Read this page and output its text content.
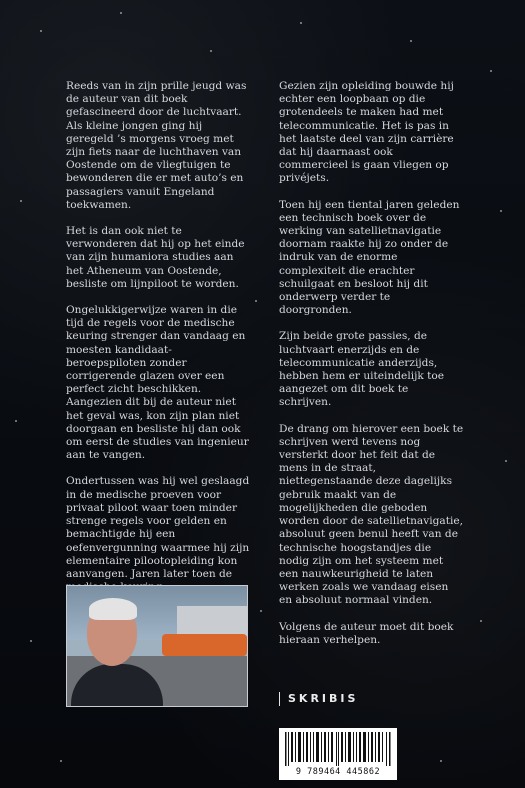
Reeds van in zijn prille jeugd was de auteur van dit boek gefascineerd door de luchtvaart. Als kleine jongen ging hij geregeld ’s morgens vroeg met zijn fiets naar de luchthaven van Oostende om de vliegtuigen te bewonderen die er met auto’s en passagiers vanuit Engeland toekwamen.

Het is dan ook niet te verwonderen dat hij op het einde van zijn humaniora studies aan het Atheneum van Oostende, besliste om lijnpiloot te worden.

Ongelukkigerwijze waren in die tijd de regels voor de medische keuring strenger dan vandaag en moesten kandidaat-beroepspiloten zonder corrigerende glazen over een perfect zicht beschikken. Aangezien dit bij de auteur niet het geval was, kon zijn plan niet doorgaan en besliste hij dan ook om eerst de studies van ingenieur aan te vangen.

Ondertussen was hij wel geslaagd in de medische proeven voor privaat piloot waar toen minder strenge regels voor gelden en bemachtigde hij een oefenvergunning waarmee hij zijn elementaire pilootopleiding kon aanvangen. Jaren later toen de

Gezien zijn opleiding bouwde hij echter een loopbaan op die grotendeels te maken had met telecommunicatie. Het is pas in het laatste deel van zijn carrière dat hij daarnaast ook commercieel is gaan vliegen op privéjets.

Toen hij een tiental jaren geleden een technisch boek over de werking van satellietnavigatie doornam raakte hij zo onder de indruk van de enorme complexiteit die erachter schuilgaat en besloot hij dit onderwerp verder te doorgronden.

Zijn beide grote passies, de luchtvaart enerzijds en de telecommunicatie anderzijds, hebben hem er uiteindelijk toe aangezet om dit boek te schrijven.

De drang om hierover een boek te schrijven werd tevens nog versterkt door het feit dat de mens in de straat, niettegenstaande deze dagelijks gebruik maakt van de mogelijkheden die geboden worden door de satellietnavigatie, absoluut geen benul heeft van de technische hoogstandjes die nodig zijn om het systeem met een nauwkeurigheid te laten werken zoals we vandaag eisen en absoluut normaal vinden.

Volgens de auteur moet dit boek hieraan verhelpen.

SKRIBIS
9 789464 445862
